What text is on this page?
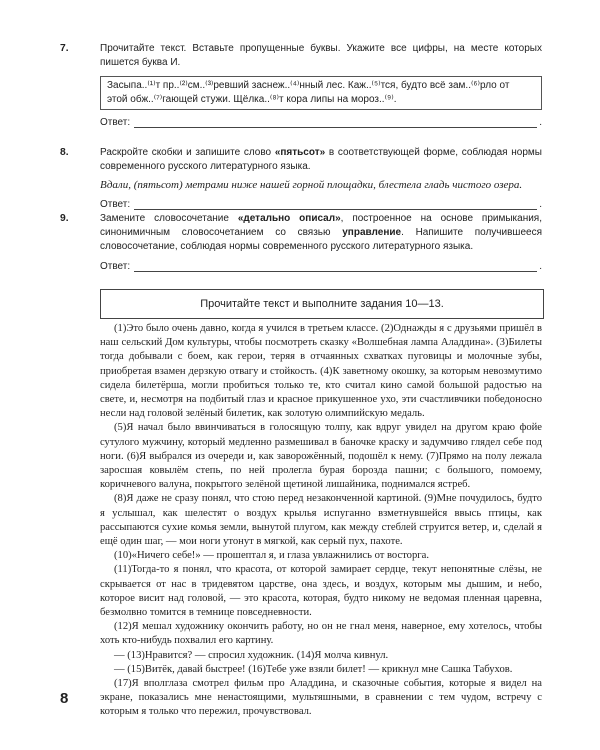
7.	Прочитайте текст. Вставьте пропущенные буквы. Укажите все цифры, на месте которых пишется буква И.
Засыпа..⁽¹⁾т пр..⁽²⁾см..⁽³⁾ревший заснеж..⁽⁴⁾нный лес. Каж..⁽⁵⁾тся, будто всё зам..⁽⁶⁾рло от
этой обж..⁽⁷⁾гающей стужи. Щёлка..⁽⁸⁾т кора липы на мороз..⁽⁹⁾.
Ответ:	.
8.	Раскройте скобки и запишите слово «пятьсот» в соответствующей форме, соблюдая нормы современного русского литературного языка.
Вдали, (пятьсот) метрами ниже нашей горной площадки, блестела гладь чистого озера.
Ответ:	.
9.	Замените словосочетание «детально описал», построенное на основе примыкания, синонимичным словосочетанием со связью управление. Напишите получившееся словосочетание, соблюдая нормы современного русского литературного языка.
Ответ:	.
Прочитайте текст и выполните задания 10—13.

(1)Это было очень давно, когда я учился в третьем классе. (2)Однажды я с друзьями пришёл в наш сельский Дом культуры, чтобы посмотреть сказку «Волшебная лампа Аладдина». (3)Билеты тогда добывали с боем, как герои, теряя в отчаянных схватках пуговицы и молочные зубы, приобретая взамен дерзкую отвагу и стойкость. (4)К заветному окошку, за которым невозмутимо сидела билетёрша, могли пробиться только те, кто считал кино самой большой радостью на свете, и, несмотря на подбитый глаз и красное прикушенное ухо, эти счастливчики победоносно несли над головой зелёный билетик, как золотую олимпийскую медаль.

(5)Я начал было ввинчиваться в голосящую толпу, как вдруг увидел на другом краю фойе сутулого мужчину, который медленно размешивал в баночке краску и задумчиво глядел себе под ноги. (6)Я выбрался из очереди и, как заворожённый, подошёл к нему. (7)Прямо на полу лежала заросшая ковылём степь, по ней пролегла бурая борозда пашни; с большого, помоему, коричневого валуна, покрытого зелёной щетиной лишайника, поднимался ястреб.

(8)Я даже не сразу понял, что стою перед незаконченной картиной. (9)Мне почудилось, будто я услышал, как шелестят о воздух крылья испуганно взметнувшейся ввысь птицы, как рассыпаются сухие комья земли, вынутой плугом, как между стеблей струится ветер, и, сделай я ещё один шаг, — мои ноги утонут в мягкой, как серый пух, пахоте.

(10)«Ничего себе!» — прошептал я, и глаза увлажнились от восторга.

(11)Тогда-то я понял, что красота, от которой замирает сердце, текут непонятные слёзы, не скрывается от нас в тридевятом царстве, она здесь, и воздух, которым мы дышим, и небо, которое висит над головой, — это красота, которая, будто никому не ведомая пленная царевна, безмолвно томится в темнице повседневности.

(12)Я мешал художнику окончить работу, но он не гнал меня, наверное, ему хотелось, чтобы хоть кто-нибудь похвалил его картину.

— (13)Нравится? — спросил художник. (14)Я молча кивнул.

— (15)Витёк, давай быстрее! (16)Тебе уже взяли билет! — крикнул мне Сашка Табухов.

(17)Я вполглаза смотрел фильм про Аладдина, и сказочные события, которые я видел на экране, показались мне ненастоящими, мультяшными, в сравнении с тем чудом, встречу с которым я только что пережил, прочувствовал.

8
